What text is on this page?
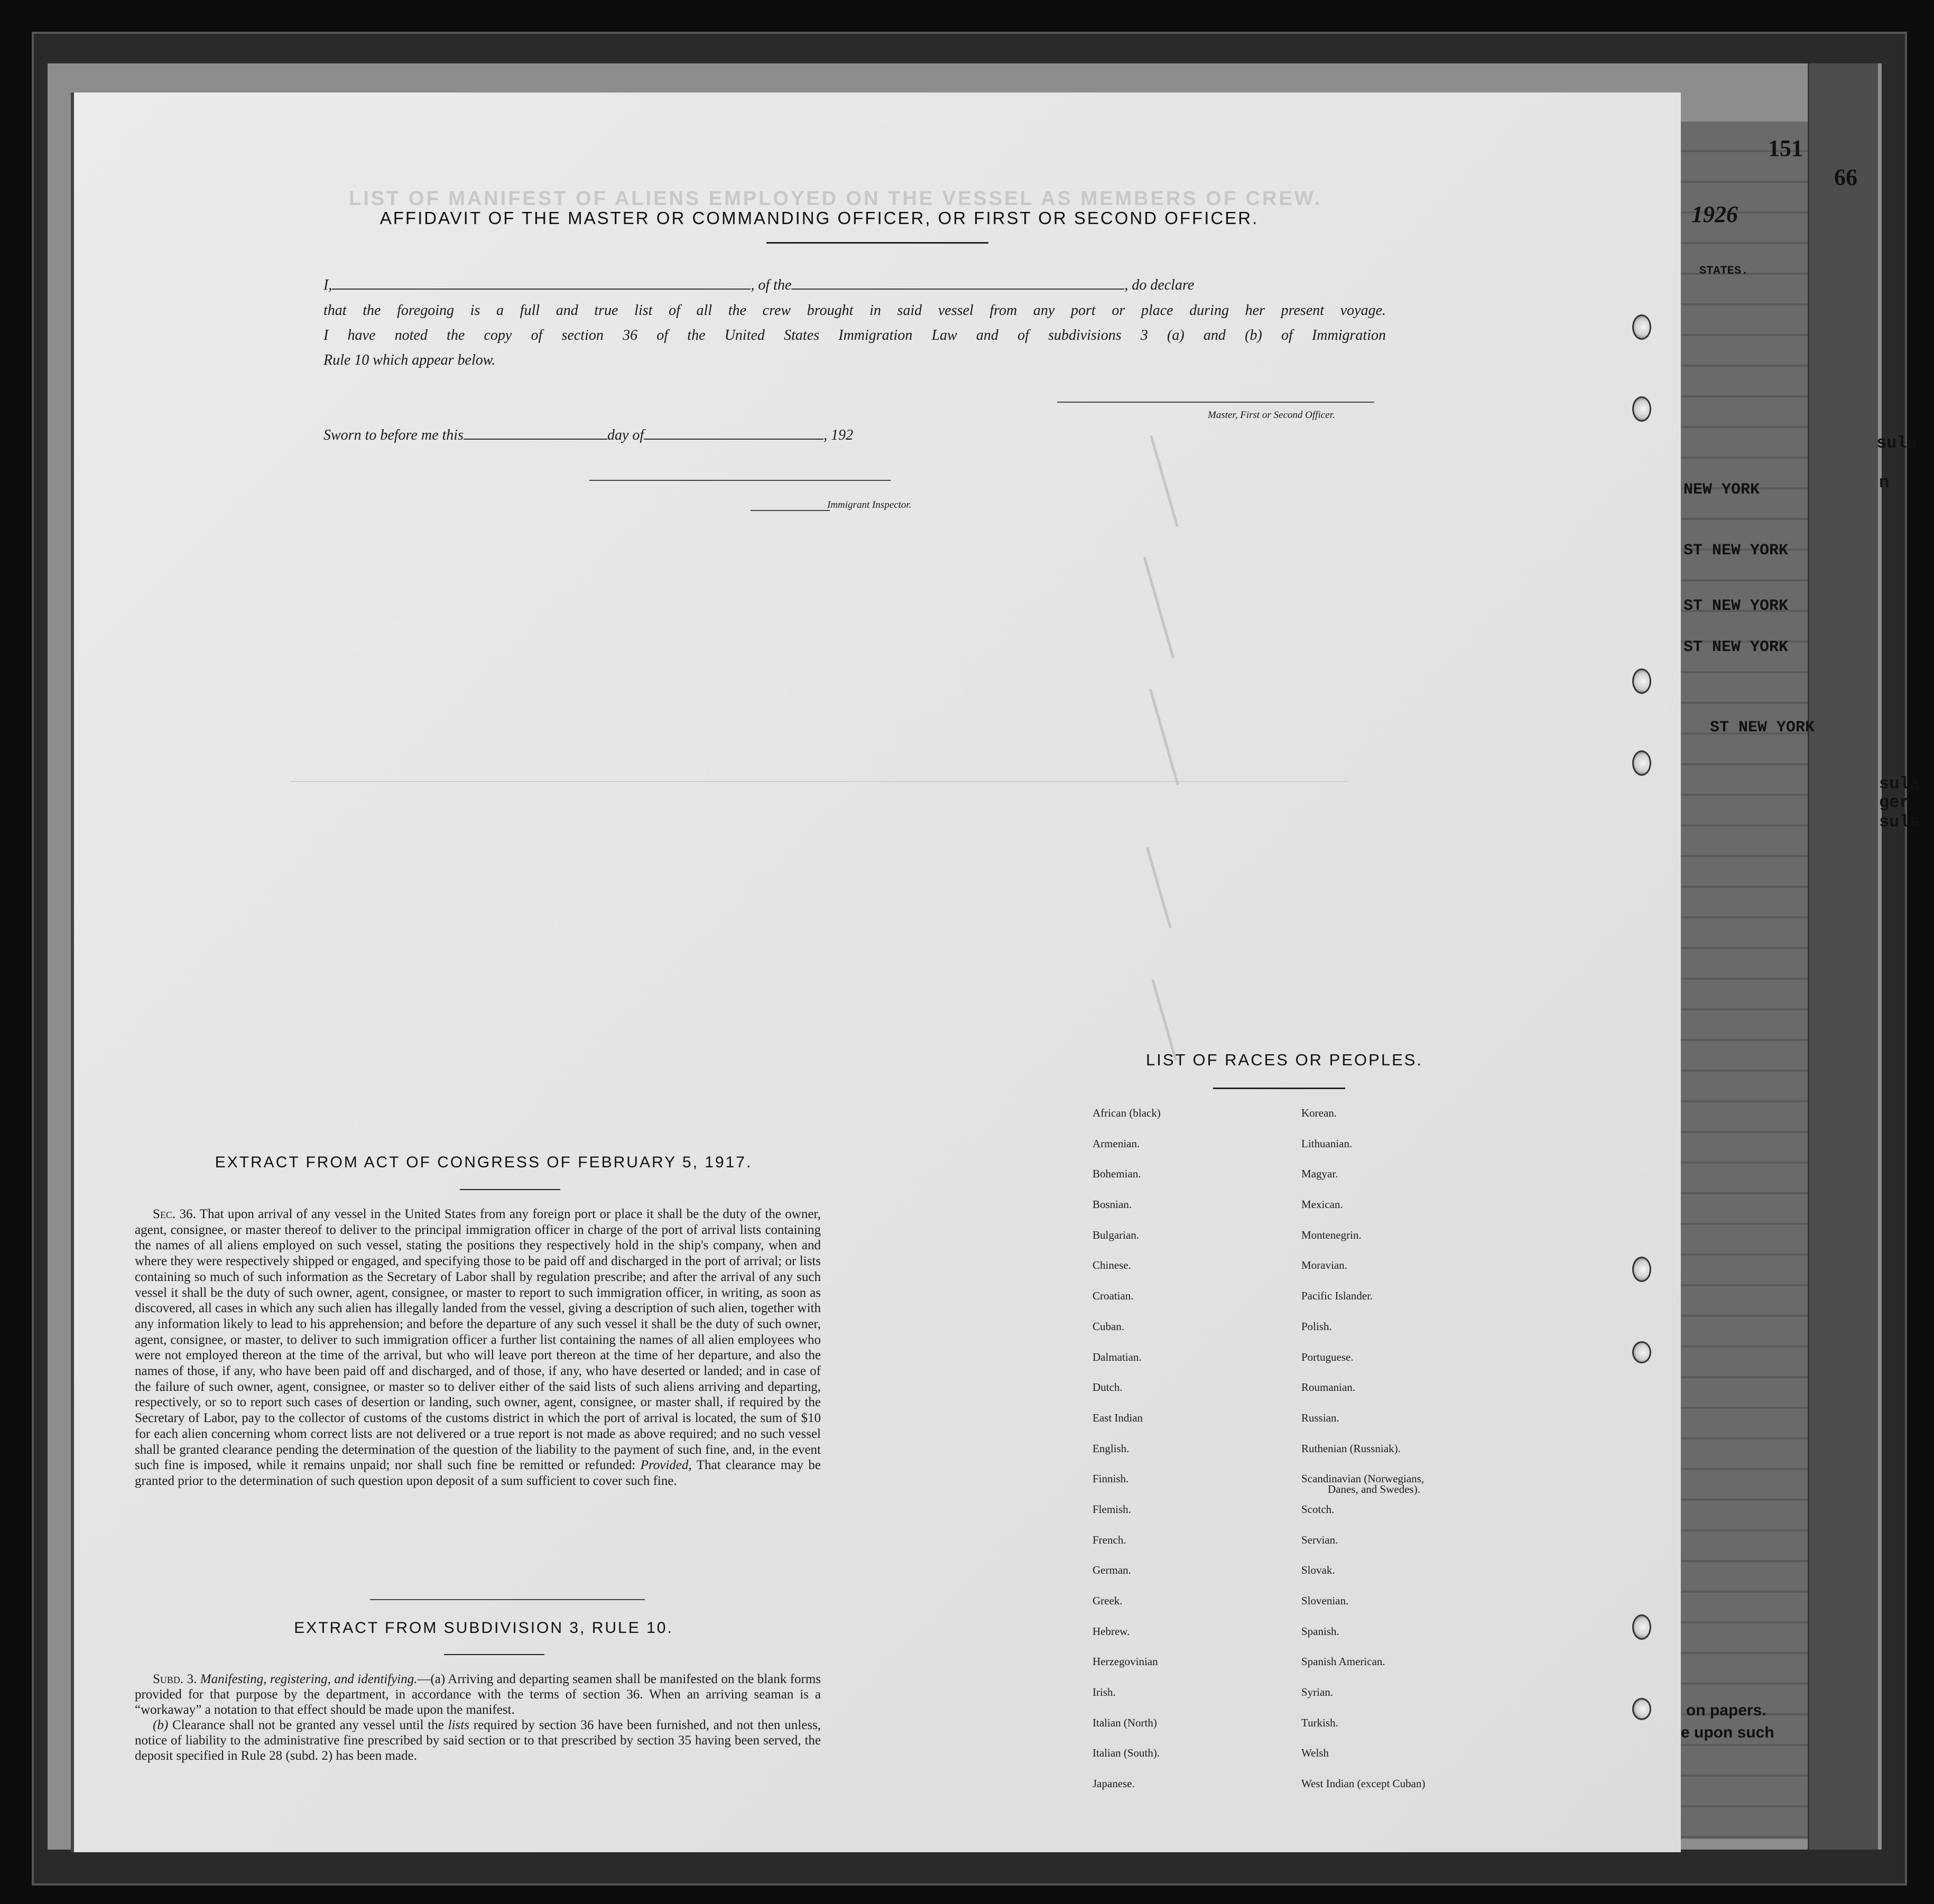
151
66
1926
STATES.
NEW YORK
ST NEW YORK
ST NEW YORK
ST NEW YORK
ST NEW YORK
sula
n
sula
ger
sula
on papers.
e upon such
LIST OF MANIFEST OF ALIENS EMPLOYED ON THE VESSEL AS MEMBERS OF CREW.
AFFIDAVIT OF THE MASTER OR COMMANDING OFFICER, OR FIRST OR SECOND OFFICER.
I,	, of the	, do declare
that the foregoing is a full and true list of all the crew brought in said vessel from any port or place during her present voyage.
I have noted the copy of section 36 of the United States Immigration Law and of subdivisions 3 (a) and (b) of Immigration
Rule 10 which appear below.
Master, First or Second Officer.
Sworn to before me this	day of	, 192
Immigrant Inspector.
EXTRACT FROM ACT OF CONGRESS OF FEBRUARY 5, 1917.

Sec. 36. That upon arrival of any vessel in the United States from any foreign port or place it shall be the duty of the owner, agent, consignee, or master thereof to deliver to the principal immigration officer in charge of the port of arrival lists containing the names of all aliens employed on such vessel, stating the positions they respectively hold in the ship's company, when and where they were respectively shipped or engaged, and specifying those to be paid off and discharged in the port of arrival; or lists containing so much of such information as the Secretary of Labor shall by regulation prescribe; and after the arrival of any such vessel it shall be the duty of such owner, agent, consignee, or master to report to such immigration officer, in writing, as soon as discovered, all cases in which any such alien has illegally landed from the vessel, giving a description of such alien, together with any information likely to lead to his apprehension; and before the departure of any such vessel it shall be the duty of such owner, agent, consignee, or master, to deliver to such immigration officer a further list containing the names of all alien employees who were not employed thereon at the time of the arrival, but who will leave port thereon at the time of her departure, and also the names of those, if any, who have been paid off and discharged, and of those, if any, who have deserted or landed; and in case of the failure of such owner, agent, consignee, or master so to deliver either of the said lists of such aliens arriving and departing, respectively, or so to report such cases of desertion or landing, such owner, agent, consignee, or master shall, if required by the Secretary of Labor, pay to the collector of customs of the customs district in which the port of arrival is located, the sum of $10 for each alien concerning whom correct lists are not delivered or a true report is not made as above required; and no such vessel shall be granted clearance pending the determination of the question of the liability to the payment of such fine, and, in the event such fine is imposed, while it remains unpaid; nor shall such fine be remitted or refunded: Provided, That clearance may be granted prior to the determination of such question upon deposit of a sum sufficient to cover such fine.

EXTRACT FROM SUBDIVISION 3, RULE 10.

Subd. 3. Manifesting, registering, and identifying.—(a) Arriving and departing seamen shall be manifested on the blank forms provided for that purpose by the department, in accordance with the terms of section 36. When an arriving seaman is a “workaway” a notation to that effect should be made upon the manifest.

(b) Clearance shall not be granted any vessel until the lists required by section 36 have been furnished, and not then unless, notice of liability to the administrative fine prescribed by said section or to that prescribed by section 35 having been served, the deposit specified in Rule 28 (subd. 2) has been made.

LIST OF RACES OR PEOPLES.
African (black)
Armenian.
Bohemian.
Bosnian.
Bulgarian.
Chinese.
Croatian.
Cuban.
Dalmatian.
Dutch.
East Indian
English.
Finnish.
Flemish.
French.
German.
Greek.
Hebrew.
Herzegovinian
Irish.
Italian (North)
Italian (South).
Japanese.
Korean.
Lithuanian.
Magyar.
Mexican.
Montenegrin.
Moravian.
Pacific Islander.
Polish.
Portuguese.
Roumanian.
Russian.
Ruthenian (Russniak).
Scandinavian (Norwegians,
Scotch.
Servian.
Slovak.
Slovenian.
Spanish.
Spanish American.
Syrian.
Turkish.
Welsh
West Indian (except Cuban)
Danes, and Swedes).
